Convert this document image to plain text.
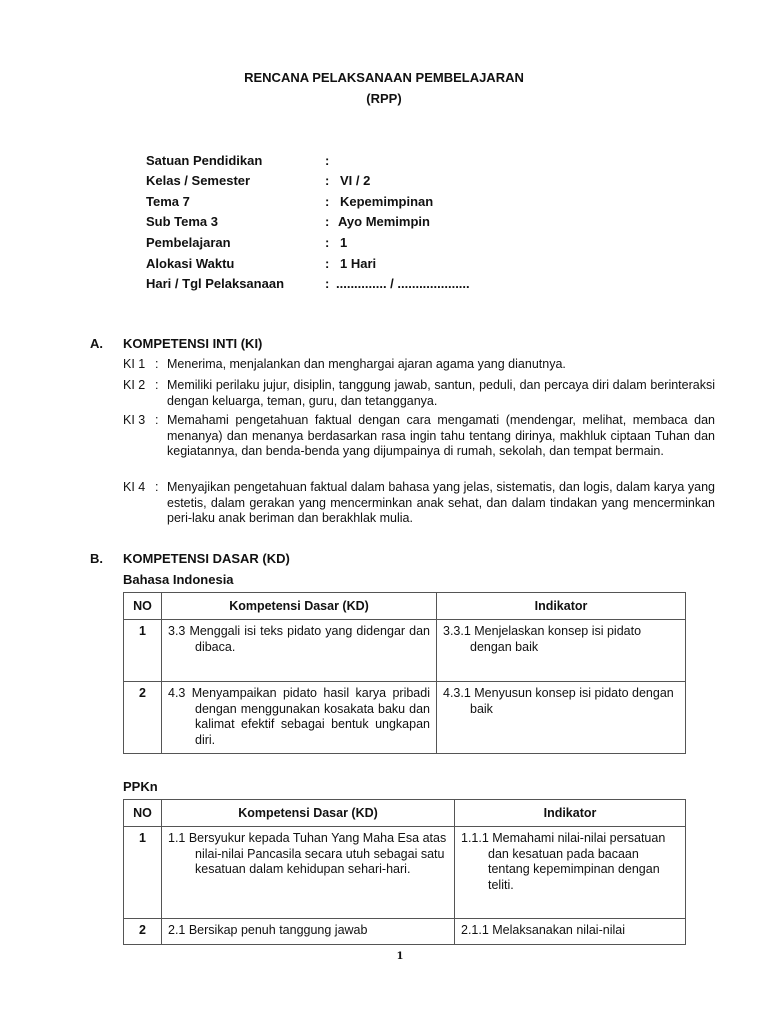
RENCANA PELAKSANAAN PEMBELAJARAN
(RPP)
Satuan Pendidikan	:
Kelas / Semester	: VI / 2
Tema 7	: Kepemimpinan
Sub Tema 3	: Ayo Memimpin
Pembelajaran	: 1
Alokasi Waktu	: 1 Hari
Hari / Tgl Pelaksanaan	: .............. / ....................
A. KOMPETENSI INTI (KI)
KI 1 : Menerima, menjalankan dan menghargai ajaran agama yang dianutnya.
KI 2 : Memiliki perilaku jujur, disiplin, tanggung jawab, santun, peduli, dan percaya diri dalam berinteraksi dengan keluarga, teman, guru, dan tetangganya.
KI 3 : Memahami pengetahuan faktual dengan cara mengamati (mendengar, melihat, membaca dan menanya) dan menanya berdasarkan rasa ingin tahu tentang dirinya, makhluk ciptaan Tuhan dan kegiatannya, dan benda-benda yang dijumpainya di rumah, sekolah, dan tempat bermain.
KI 4 : Menyajikan pengetahuan faktual dalam bahasa yang jelas, sistematis, dan logis, dalam karya yang estetis, dalam gerakan yang mencerminkan anak sehat, dan dalam tindakan yang mencerminkan peri-laku anak beriman dan berakhlak mulia.
B. KOMPETENSI DASAR (KD)
Bahasa Indonesia
NO	Kompetensi Dasar (KD)	Indikator
1	3.3 Menggali isi teks pidato yang didengar dan dibaca.	3.3.1 Menjelaskan konsep isi pidato dengan baik

2	4.3 Menyampaikan pidato hasil karya pribadi dengan menggunakan kosakata baku dan kalimat efektif sebagai bentuk ungkapan diri.	4.3.1 Menyusun konsep isi pidato dengan baik
PPKn
NO	Kompetensi Dasar (KD)	Indikator
1	1.1 Bersyukur kepada Tuhan Yang Maha Esa atas nilai-nilai Pancasila secara utuh sebagai satu kesatuan dalam kehidupan sehari-hari.	1.1.1 Memahami nilai-nilai persatuan dan kesatuan pada bacaan tentang kepemimpinan dengan teliti.

2	2.1 Bersikap penuh tanggung jawab	2.1.1 Melaksanakan nilai-nilai
1
